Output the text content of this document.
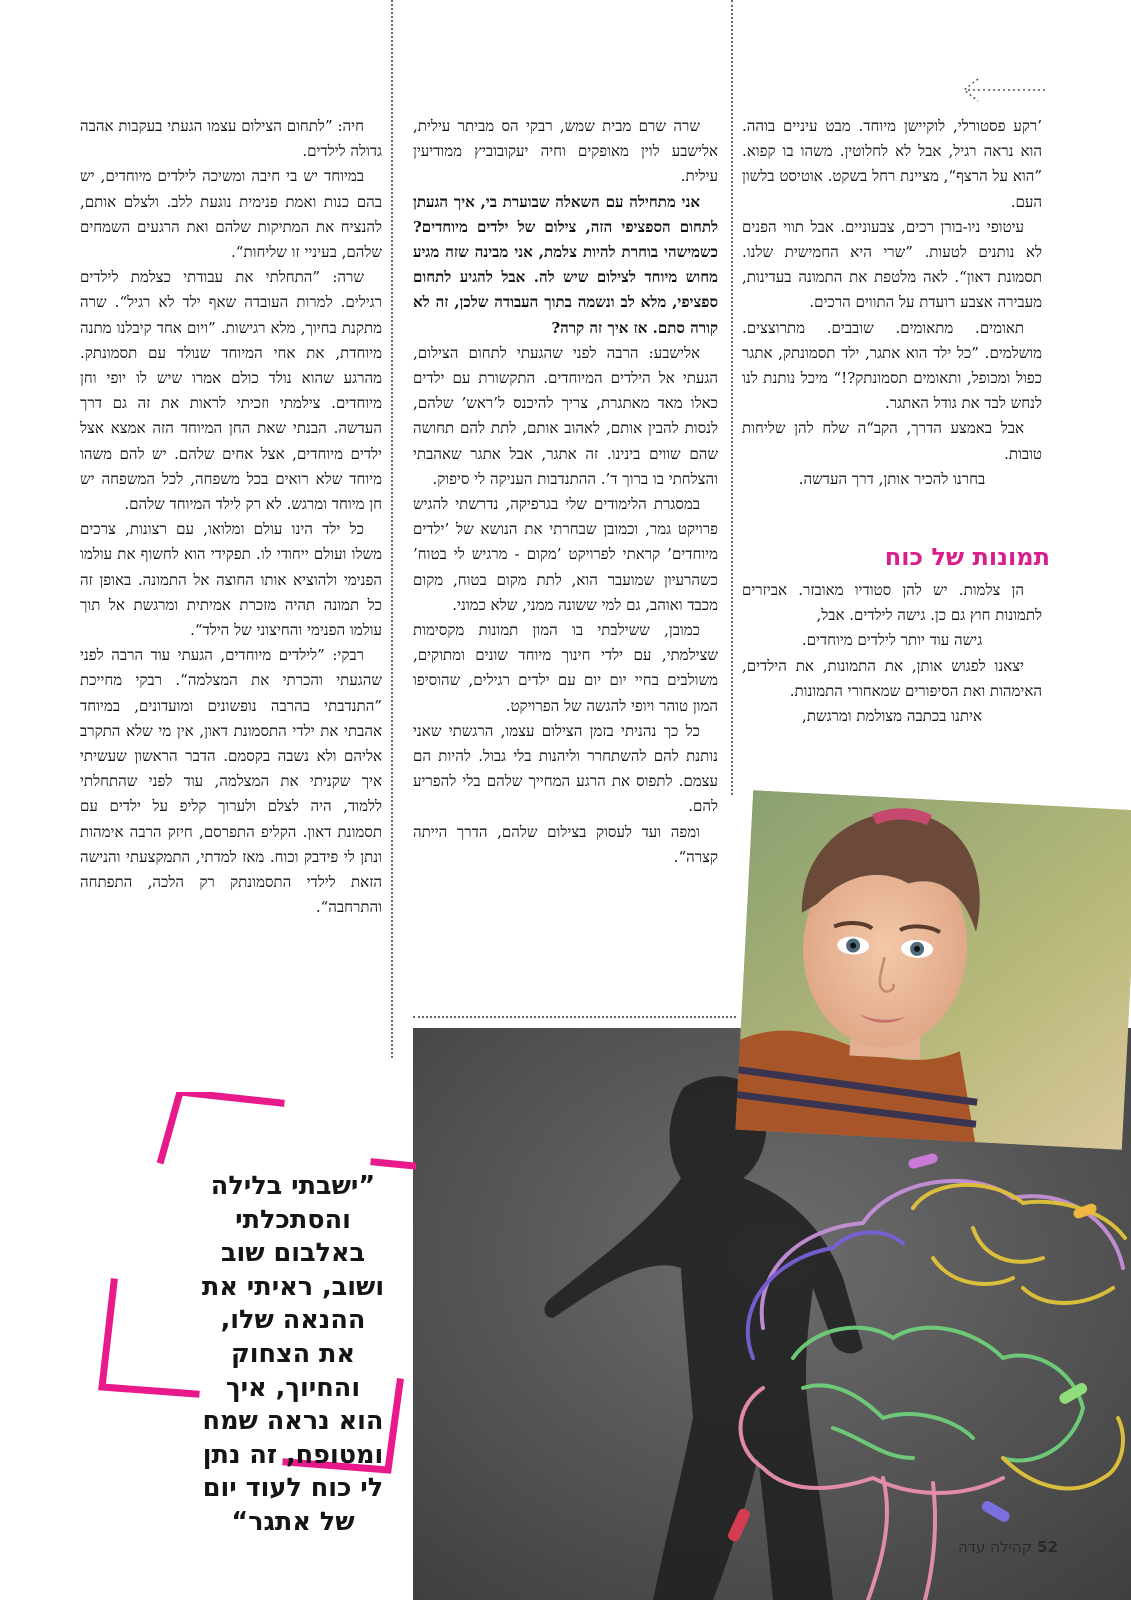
’רקע פסטורלי, לוקיישן מיוחד. מבט עיניים בוהה. הוא נראה רגיל, אבל לא לחלוטין. משהו בו קפוא. ”הוא על הרצף“, מציינת רחל בשקט. אוטיסט בלשון העם.

עיטופי ניו-בורן רכים, צבעוניים. אבל תווי הפנים לא נותנים לטעות. ”שרי היא החמישית שלנו. תסמונת דאון“. לאה מלטפת את התמונה בעדינות, מעבירה אצבע רועדת על התווים הרכים.

תאומים. מתאומים. שובבים. מתרוצצים. מושלמים. ”כל ילד הוא אתגר, ילד תסמונתק, אתגר כפול ומכופל, ותאומים תסמונתק?!“ מיכל נותנת לנו לנחש לבד את גודל האתגר.

אבל באמצע הדרך, הקב“ה שלח להן שליחות טובות.

בחרנו להכיר אותן, דרך העדשה.

תמונות של כוח

הן צלמות. יש להן סטודיו מאובזר. אביזרים לתמונות חוץ גם כן. גישה לילדים. אבל,

גישה עוד יותר לילדים מיוחדים.

יצאנו לפגוש אותן, את התמונות, את הילדים, האימהות ואת הסיפורים שמאחורי התמונות.

איתנו בכתבה מצולמת ומרגשת,

שרה שרם מבית שמש, רבקי הס מביתר עילית, אלישבע לוין מאופקים וחיה יעקובוביץ ממודיעין עילית.

אני מתחילה עם השאלה שבוערת בי, איך הגעתן לתחום הספציפי הזה, צילום של ילדים מיוחדים? כשמישהי בוחרת להיות צלמת, אני מבינה שזה מגיע מחוש מיוחד לצילום שיש לה. אבל להגיע לתחום ספציפי, מלא לב ונשמה בתוך העבודה שלכן, זה לא קורה סתם. אז איך זה קרה?

אלישבע: הרבה לפני שהגעתי לתחום הצילום, הגעתי אל הילדים המיוחדים. התקשורת עם ילדים כאלו מאד מאתגרת, צריך להיכנס ל’ראש’ שלהם, לנסות להבין אותם, לאהוב אותם, לתת להם תחושה שהם שווים בינינו. זה אתגר, אבל אתגר שאהבתי והצלחתי בו ברוך ד’. ההתנדבות העניקה לי סיפוק.

במסגרת הלימודים שלי בגרפיקה, נדרשתי להגיש פרויקט גמר, וכמובן שבחרתי את הנושא של ’ילדים מיוחדים’ קראתי לפרויקט ’מקום - מרגיש לי בטוח’ כשהרעיון שמועבר הוא, לתת מקום בטוח, מקום מכבד ואוהב, גם למי ששונה ממני, שלא כמוני.

כמובן, ששילבתי בו המון תמונות מקסימות שצילמתי, עם ילדי חינוך מיוחד שונים ומתוקים, משולבים בחיי יום יום עם ילדים רגילים, שהוסיפו המון טוהר ויופי להגשה של הפרויקט.

כל כך נהניתי בזמן הצילום עצמו, הרגשתי שאני נותנת להם להשתחרר וליהנות בלי גבול. להיות הם עצמם. לתפוס את הרגע המחייך שלהם בלי להפריע להם.

ומפה ועד לעסוק בצילום שלהם, הדרך הייתה קצרה“.

חיה: ”לתחום הצילום עצמו הגעתי בעקבות אהבה גדולה לילדים.

במיוחד יש בי חיבה ומשיכה לילדים מיוחדים, יש בהם כנות ואמת פנימית נוגעת ללב. ולצלם אותם, להנציח את המתיקות שלהם ואת הרגעים השמחים שלהם, בעיניי זו שליחות“.

שרה: ”התחלתי את עבודתי כצלמת לילדים רגילים. למרות העובדה שאף ילד לא רגיל“. שרה מתקנת בחיוך, מלא רגישות. ”ויום אחד קיבלנו מתנה מיוחדת, את אחי המיוחד שנולד עם תסמונתק. מהרגע שהוא נולד כולם אמרו שיש לו יופי וחן מיוחדים. צילמתי וזכיתי לראות את זה גם דרך העדשה. הבנתי שאת החן המיוחד הזה אמצא אצל ילדים מיוחדים, אצל אחים שלהם. יש להם משהו מיוחד שלא רואים בכל משפחה, לכל המשפחה יש חן מיוחד ומרגש. לא רק לילד המיוחד שלהם.

כל ילד הינו עולם ומלואו, עם רצונות, צרכים משלו ועולם ייחודי לו. תפקידי הוא לחשוף את עולמו הפנימי ולהוציא אותו החוצה אל התמונה. באופן זה כל תמונה תהיה מזכרת אמיתית ומרגשת אל תוך עולמו הפנימי והחיצוני של הילד“.

רבקי: ”לילדים מיוחדים, הגעתי עוד הרבה לפני שהגעתי והכרתי את המצלמה“. רבקי מחייכת ”התנדבתי בהרבה נופשונים ומועדונים, במיוחד אהבתי את ילדי התסמונת דאון, אין מי שלא התקרב אליהם ולא נשבה בקסמם. הדבר הראשון שעשיתי איך שקניתי את המצלמה, עוד לפני שהתחלתי ללמוד, היה לצלם ולערוך קליפ על ילדים עם תסמונת דאון. הקליפ התפרסם, חיזק הרבה אימהות ונתן לי פידבק וכוח. מאז למדתי, התמקצעתי והנישה הזאת לילדי התסמונתק רק הלכה, התפתחה והתרחבה“.

”ישבתי בלילה והסתכלתי באלבום שוב ושוב, ראיתי את ההנאה שלו, את הצחוק והחיוך, איך הוא נראה שמח ומטופח, זה נתן לי כוח לעוד יום של אתגר“

52 קהילה עדה
